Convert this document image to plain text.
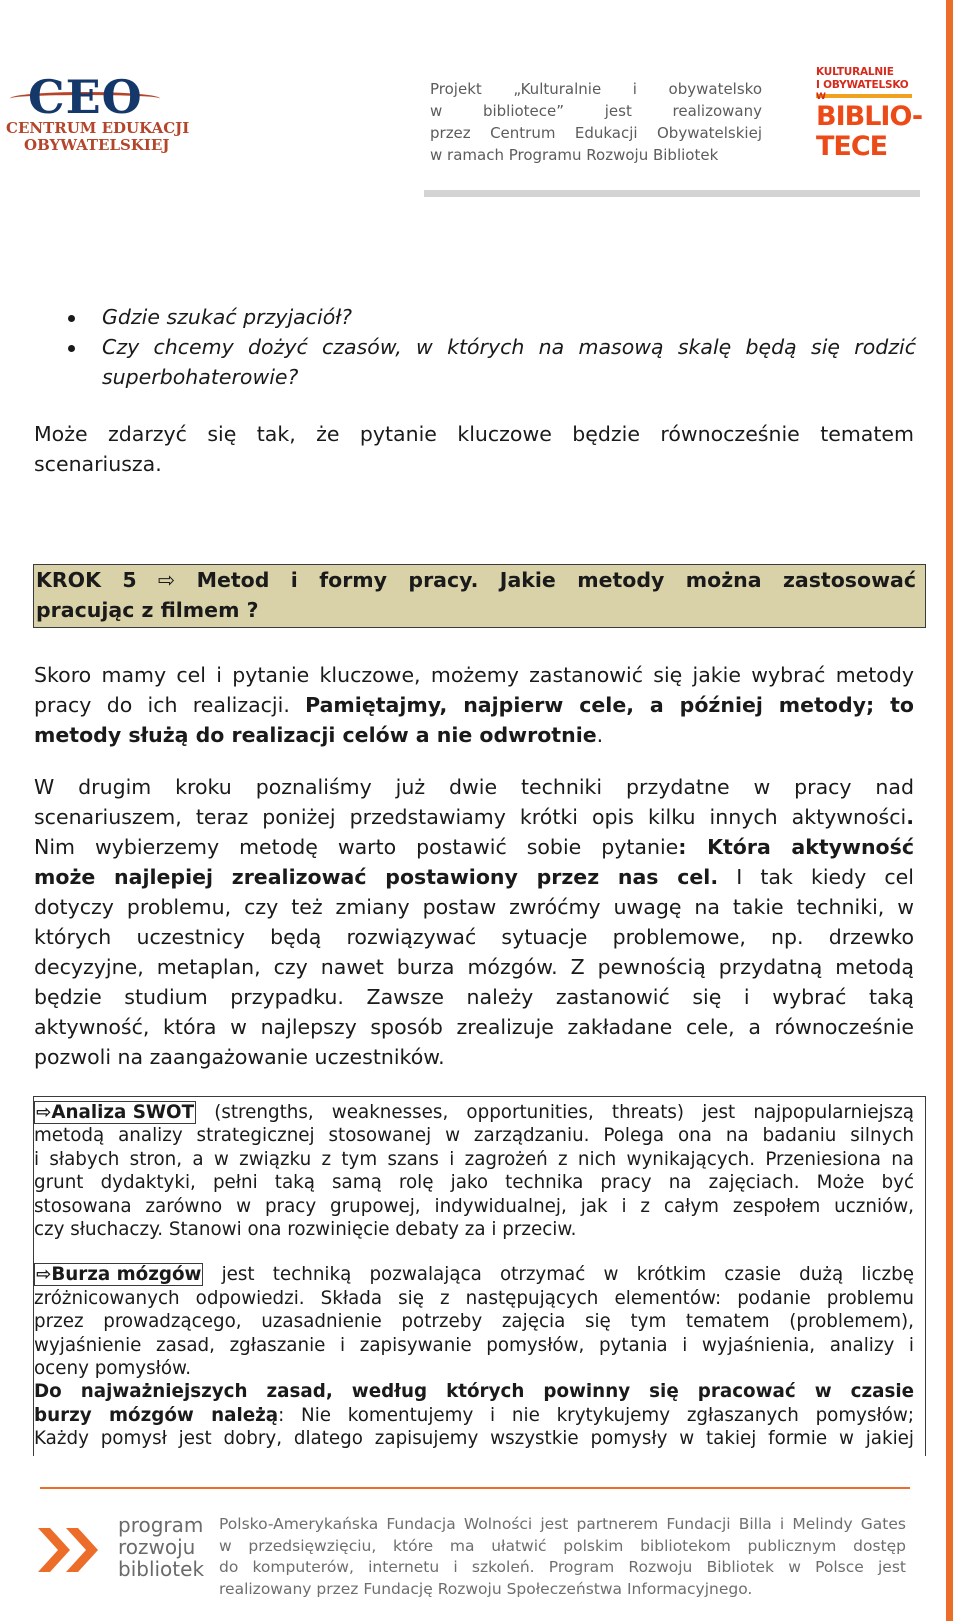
CEO
CENTRUM EDUKACJI
OBYWATELSKIEJ
Projekt „Kulturalnie i obywatelsko
w bibliotece” jest realizowany
przez Centrum Edukacji Obywatelskiej
w ramach Programu Rozwoju Bibliotek
KULTURALNIE
I OBYWATELSKO
BIBLIO-
TECE
W
Gdzie szukać przyjaciół?
Czy chcemy dożyć czasów, w których na masową skalę będą się rodzić
superbohaterowie?
Może zdarzyć się tak, że pytanie kluczowe będzie równocześnie tematem
scenariusza.
KROK 5 ⇨ Metod i formy pracy. Jakie metody można zastosować
pracując z filmem ?
Skoro mamy cel i pytanie kluczowe, możemy zastanowić się jakie wybrać metody
pracy do ich realizacji. Pamiętajmy, najpierw cele, a później metody; to
metody służą do realizacji celów a nie odwrotnie.
W drugim kroku poznaliśmy już dwie techniki przydatne w pracy nad
scenariuszem, teraz poniżej przedstawiamy krótki opis kilku innych aktywności.
Nim wybierzemy metodę warto postawić sobie pytanie: Która aktywność
może najlepiej zrealizować postawiony przez nas cel. I tak kiedy cel
dotyczy problemu, czy też zmiany postaw zwróćmy uwagę na takie techniki, w
których uczestnicy będą rozwiązywać sytuacje problemowe, np. drzewko
decyzyjne, metaplan, czy nawet burza mózgów. Z pewnością przydatną metodą
będzie studium przypadku. Zawsze należy zastanowić się i wybrać taką
aktywność, która w najlepszy sposób zrealizuje zakładane cele, a równocześnie
pozwoli na zaangażowanie uczestników.
⇨Analiza SWOT (strengths, weaknesses, opportunities, threats) jest najpopularniejszą
metodą analizy strategicznej stosowanej w zarządzaniu. Polega ona na badaniu silnych
i słabych stron, a w związku z tym szans i zagrożeń z nich wynikających. Przeniesiona na
grunt dydaktyki, pełni taką samą rolę jako technika pracy na zajęciach. Może być
stosowana zarówno w pracy grupowej, indywidualnej, jak i z całym zespołem uczniów,
czy słuchaczy. Stanowi ona rozwinięcie debaty za i przeciw.
⇨Burza mózgów jest techniką pozwalająca otrzymać w krótkim czasie dużą liczbę
zróżnicowanych odpowiedzi. Składa się z następujących elementów: podanie problemu
przez prowadzącego, uzasadnienie potrzeby zajęcia się tym tematem (problemem),
wyjaśnienie zasad, zgłaszanie i zapisywanie pomysłów, pytania i wyjaśnienia, analizy i
oceny pomysłów.
Do najważniejszych zasad, według których powinny się pracować w czasie
burzy mózgów należą: Nie komentujemy i nie krytykujemy zgłaszanych pomysłów;
Każdy pomysł jest dobry, dlatego zapisujemy wszystkie pomysły w takiej formie w jakiej
program
rozwoju
bibliotek
Polsko-Amerykańska Fundacja Wolności jest partnerem Fundacji Billa i Melindy Gates
w przedsięwzięciu, które ma ułatwić polskim bibliotekom publicznym dostęp
do komputerów, internetu i szkoleń. Program Rozwoju Bibliotek w Polsce jest
realizowany przez Fundację Rozwoju Społeczeństwa Informacyjnego.
